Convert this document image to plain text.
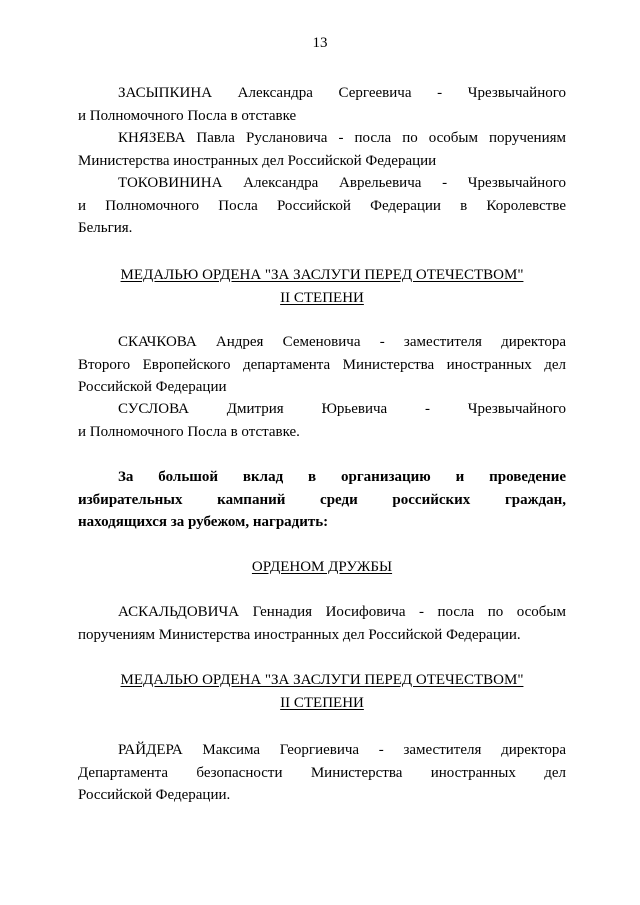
13

ЗАСЫПКИНА Александра Сергеевича - Чрезвычайного

и Полномочного Посла в отставке

КНЯЗЕВА Павла Руслановича - посла по особым поручениям

Министерства иностранных дел Российской Федерации

ТОКОВИНИНА Александра Аврельевича - Чрезвычайного

и Полномочного Посла Российской Федерации в Королевстве

Бельгия.

МЕДАЛЬЮ ОРДЕНА "ЗА ЗАСЛУГИ ПЕРЕД ОТЕЧЕСТВОМ"

II СТЕПЕНИ

СКАЧКОВА Андрея Семеновича - заместителя директора

Второго Европейского департамента Министерства иностранных дел

Российской Федерации

СУСЛОВА Дмитрия Юрьевича - Чрезвычайного

и Полномочного Посла в отставке.

За большой вклад в организацию и проведение

избирательных кампаний среди российских граждан,

находящихся за рубежом, наградить:

ОРДЕНОМ ДРУЖБЫ

АСКАЛЬДОВИЧА Геннадия Иосифовича - посла по особым

поручениям Министерства иностранных дел Российской Федерации.

МЕДАЛЬЮ ОРДЕНА "ЗА ЗАСЛУГИ ПЕРЕД ОТЕЧЕСТВОМ"

II СТЕПЕНИ

РАЙДЕРА Максима Георгиевича - заместителя директора

Департамента безопасности Министерства иностранных дел

Российской Федерации.
